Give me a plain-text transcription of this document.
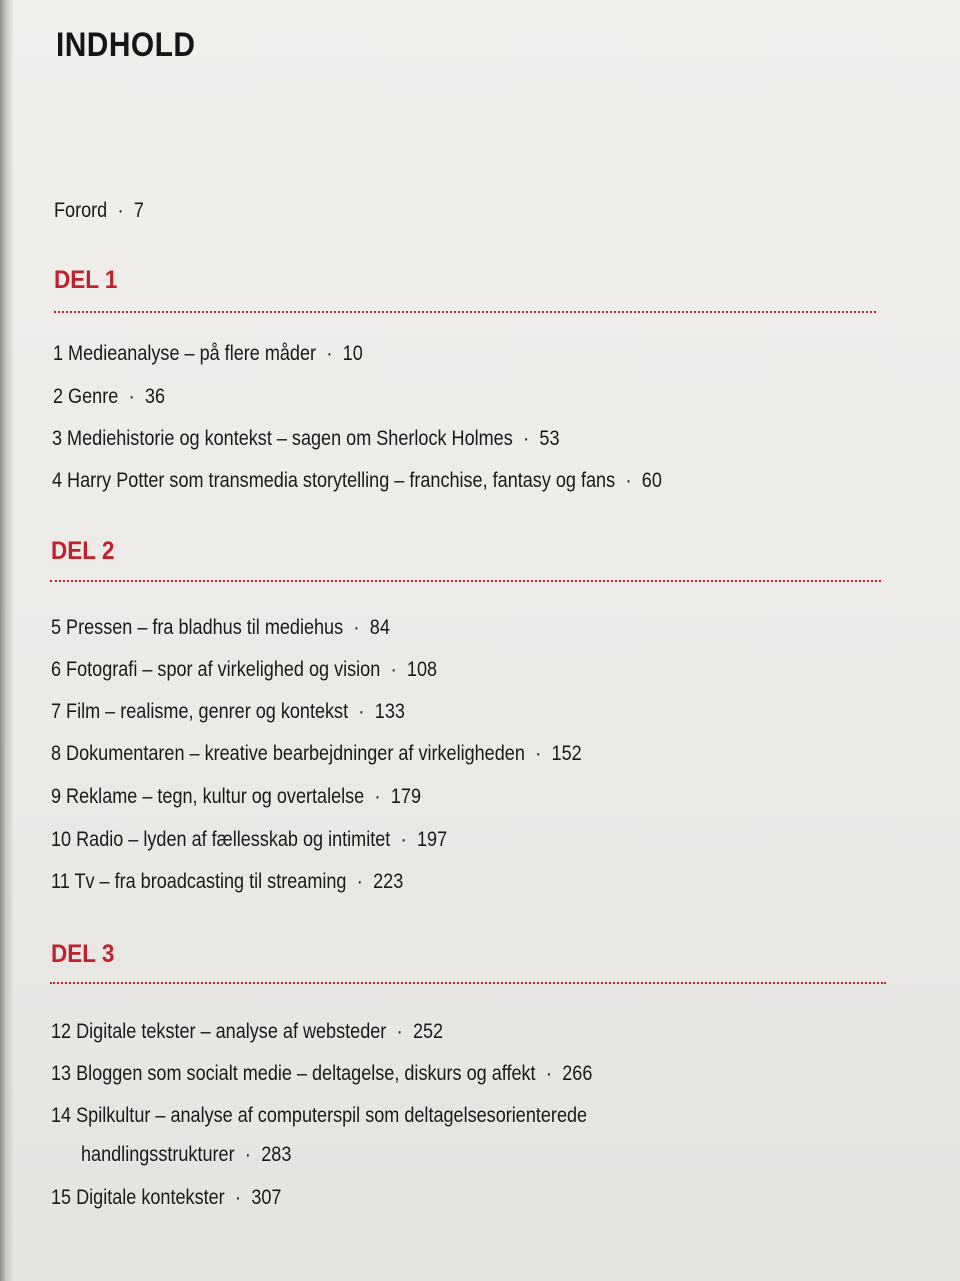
INDHOLD
Forord · 7
DEL 1
1 Medieanalyse – på flere måder · 10
2 Genre · 36
3 Mediehistorie og kontekst – sagen om Sherlock Holmes · 53
4 Harry Potter som transmedia storytelling – franchise, fantasy og fans · 60
DEL 2
5 Pressen – fra bladhus til mediehus · 84
6 Fotografi – spor af virkelighed og vision · 108
7 Film – realisme, genrer og kontekst · 133
8 Dokumentaren – kreative bearbejdninger af virkeligheden · 152
9 Reklame – tegn, kultur og overtalelse · 179
10 Radio – lyden af fællesskab og intimitet · 197
11 Tv – fra broadcasting til streaming · 223
DEL 3
12 Digitale tekster – analyse af websteder · 252
13 Bloggen som socialt medie – deltagelse, diskurs og affekt · 266
14 Spilkultur – analyse af computerspil som deltagelsesorienterede
handlingsstrukturer · 283
15 Digitale kontekster · 307
